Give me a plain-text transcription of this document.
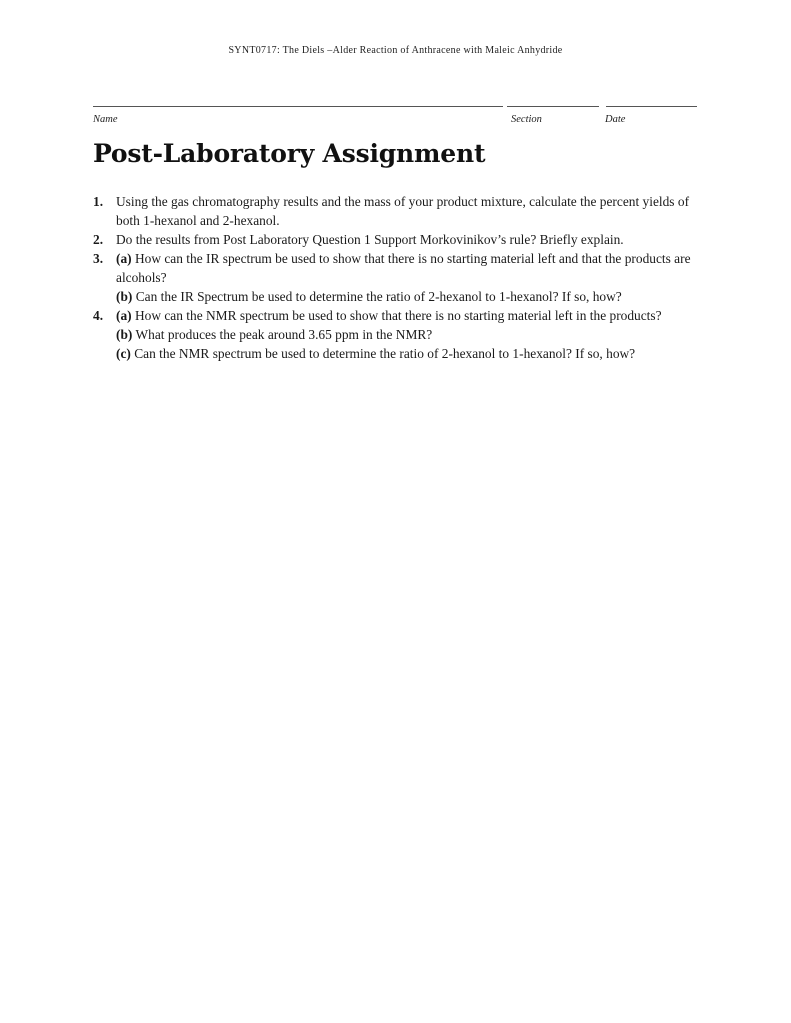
SYNT0717: The Diels –Alder Reaction of Anthracene with Maleic Anhydride
Name	Section	Date
Post-Laboratory Assignment
1. Using the gas chromatography results and the mass of your product mixture, calculate the percent yields of both 1-hexanol and 2-hexanol.
2. Do the results from Post Laboratory Question 1 Support Morkovinikov’s rule? Briefly explain.
3. (a) How can the IR spectrum be used to show that there is no starting material left and that the products are alcohols?
(b) Can the IR Spectrum be used to determine the ratio of 2-hexanol to 1-hexanol? If so, how?
4. (a) How can the NMR spectrum be used to show that there is no starting material left in the products?
(b) What produces the peak around 3.65 ppm in the NMR?
(c) Can the NMR spectrum be used to determine the ratio of 2-hexanol to 1-hexanol? If so, how?
